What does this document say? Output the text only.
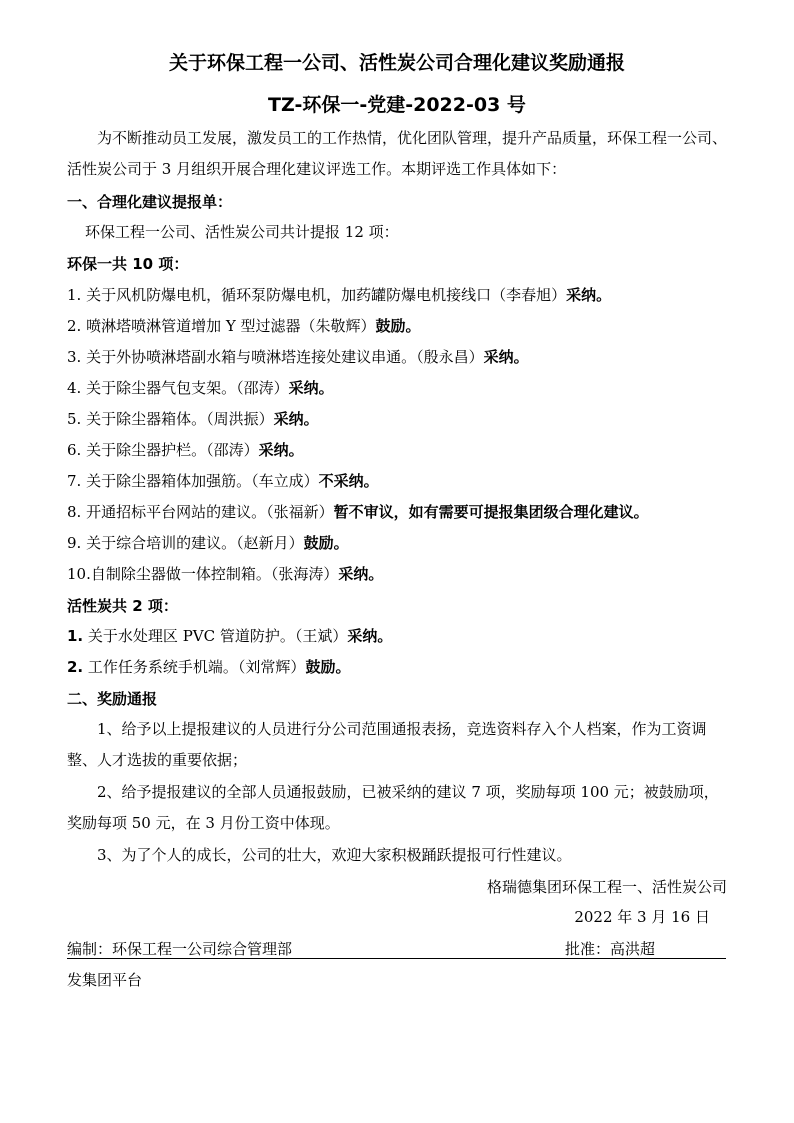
关于环保工程一公司、活性炭公司合理化建议奖励通报
TZ-环保一-党建-2022-03 号
为不断推动员工发展，激发员工的工作热情，优化团队管理，提升产品质量，环保工程一公司、活性炭公司于 3 月组织开展合理化建议评选工作。本期评选工作具体如下：
一、合理化建议提报单：
环保工程一公司、活性炭公司共计提报 12 项：
环保一共 10 项：
1. 关于风机防爆电机，循环泵防爆电机，加药罐防爆电机接线口（李春旭）采纳。
2. 喷淋塔喷淋管道增加 Y 型过滤器（朱敬辉）鼓励。
3. 关于外协喷淋塔副水箱与喷淋塔连接处建议串通。（殷永昌）采纳。
4. 关于除尘器气包支架。（邵涛）采纳。
5. 关于除尘器箱体。（周洪振）采纳。
6. 关于除尘器护栏。（邵涛）采纳。
7. 关于除尘器箱体加强筋。（车立成）不采纳。
8. 开通招标平台网站的建议。（张福新）暂不审议，如有需要可提报集团级合理化建议。
9. 关于综合培训的建议。（赵新月）鼓励。
10.自制除尘器做一体控制箱。（张海涛）采纳。
活性炭共 2 项：
1. 关于水处理区 PVC 管道防护。（王斌）采纳。
2. 工作任务系统手机端。（刘常辉）鼓励。
二、奖励通报
1、给予以上提报建议的人员进行分公司范围通报表扬，竞选资料存入个人档案，作为工资调整、人才选拔的重要依据；
2、给予提报建议的全部人员通报鼓励，已被采纳的建议 7 项，奖励每项 100 元；被鼓励项，奖励每项 50 元，在 3 月份工资中体现。
3、为了个人的成长，公司的壮大，欢迎大家积极踊跃提报可行性建议。
格瑞德集团环保工程一、活性炭公司
2022 年 3 月 16 日
编制：环保工程一公司综合管理部	批准：高洪超
发集团平台
